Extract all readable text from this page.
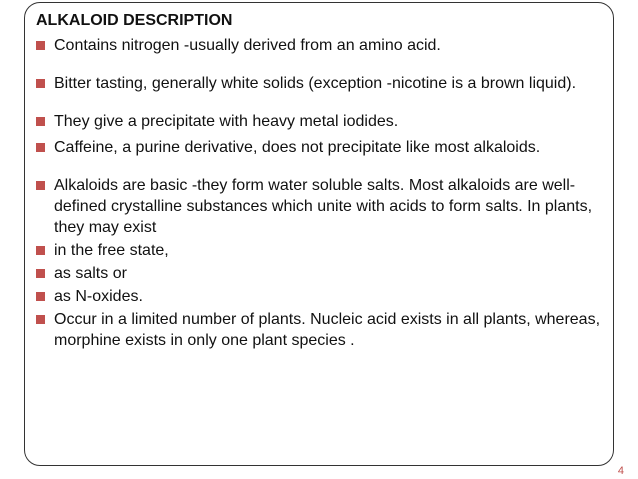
ALKALOID DESCRIPTION
Contains nitrogen -usually derived from an amino acid.
Bitter tasting, generally white solids (exception -nicotine is a brown liquid).
They give a precipitate with heavy metal iodides.
Caffeine, a purine derivative, does not precipitate like most alkaloids.
Alkaloids are basic -they form water soluble salts. Most alkaloids are well-defined crystalline substances which unite with acids to form salts. In plants, they may exist
in the free state,
as salts or
as N-oxides.
Occur in a limited number of plants. Nucleic acid exists in all plants, whereas, morphine exists in only one plant species .
4
